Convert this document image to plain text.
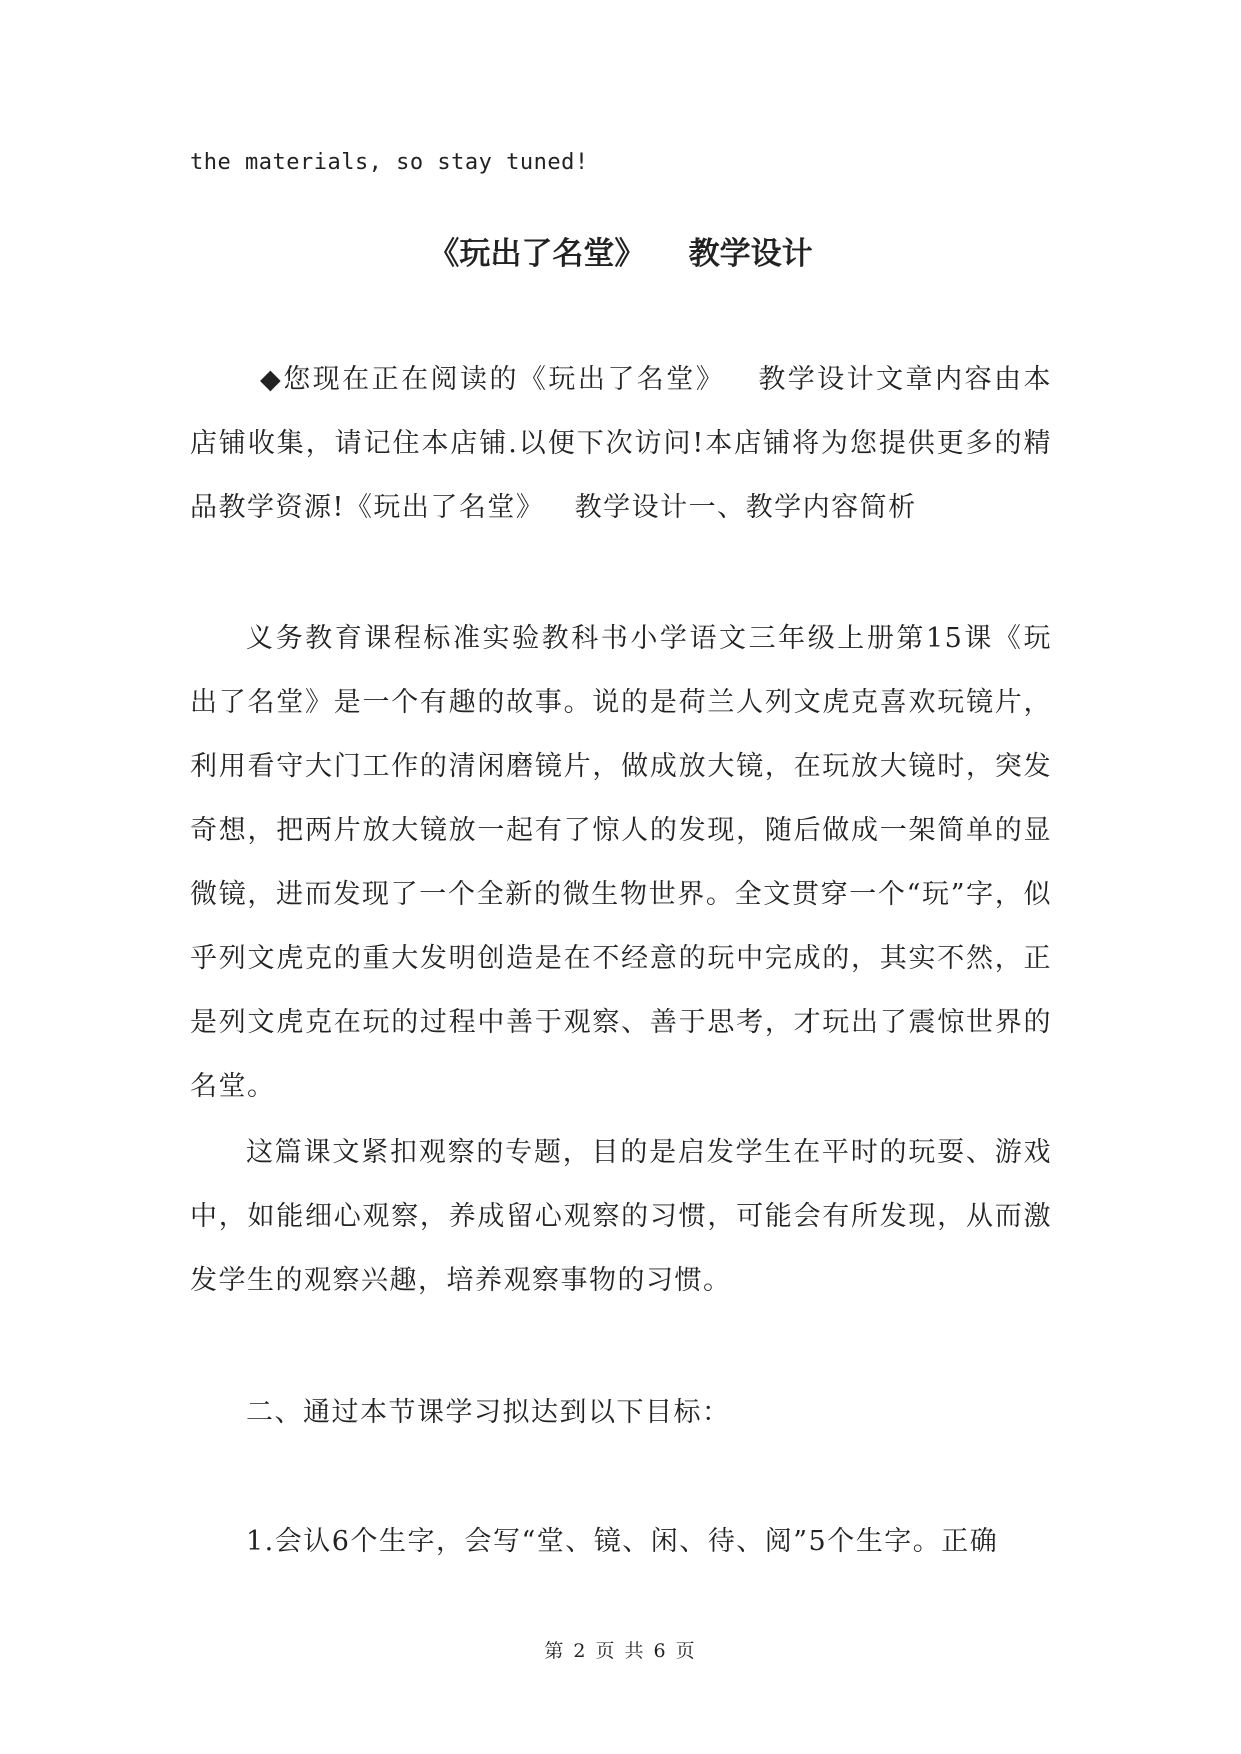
the materials, so stay tuned!
《玩出了名堂》    教学设计

◆您现在正在阅读的《玩出了名堂》   教学设计文章内容由本店铺收集，请记住本店铺.以便下次访问!本店铺将为您提供更多的精品教学资源!《玩出了名堂》   教学设计一、教学内容简析

义务教育课程标准实验教科书小学语文三年级上册第15课《玩出了名堂》是一个有趣的故事。说的是荷兰人列文虎克喜欢玩镜片，利用看守大门工作的清闲磨镜片，做成放大镜，在玩放大镜时，突发奇想，把两片放大镜放一起有了惊人的发现，随后做成一架简单的显微镜，进而发现了一个全新的微生物世界。全文贯穿一个“玩”字，似乎列文虎克的重大发明创造是在不经意的玩中完成的，其实不然，正是列文虎克在玩的过程中善于观察、善于思考，才玩出了震惊世界的名堂。

这篇课文紧扣观察的专题，目的是启发学生在平时的玩耍、游戏中，如能细心观察，养成留心观察的习惯，可能会有所发现，从而激发学生的观察兴趣，培养观察事物的习惯。

二、通过本节课学习拟达到以下目标：

1.会认6个生字，会写“堂、镜、闲、待、阅”5个生字。正确

第 2 页 共 6 页
